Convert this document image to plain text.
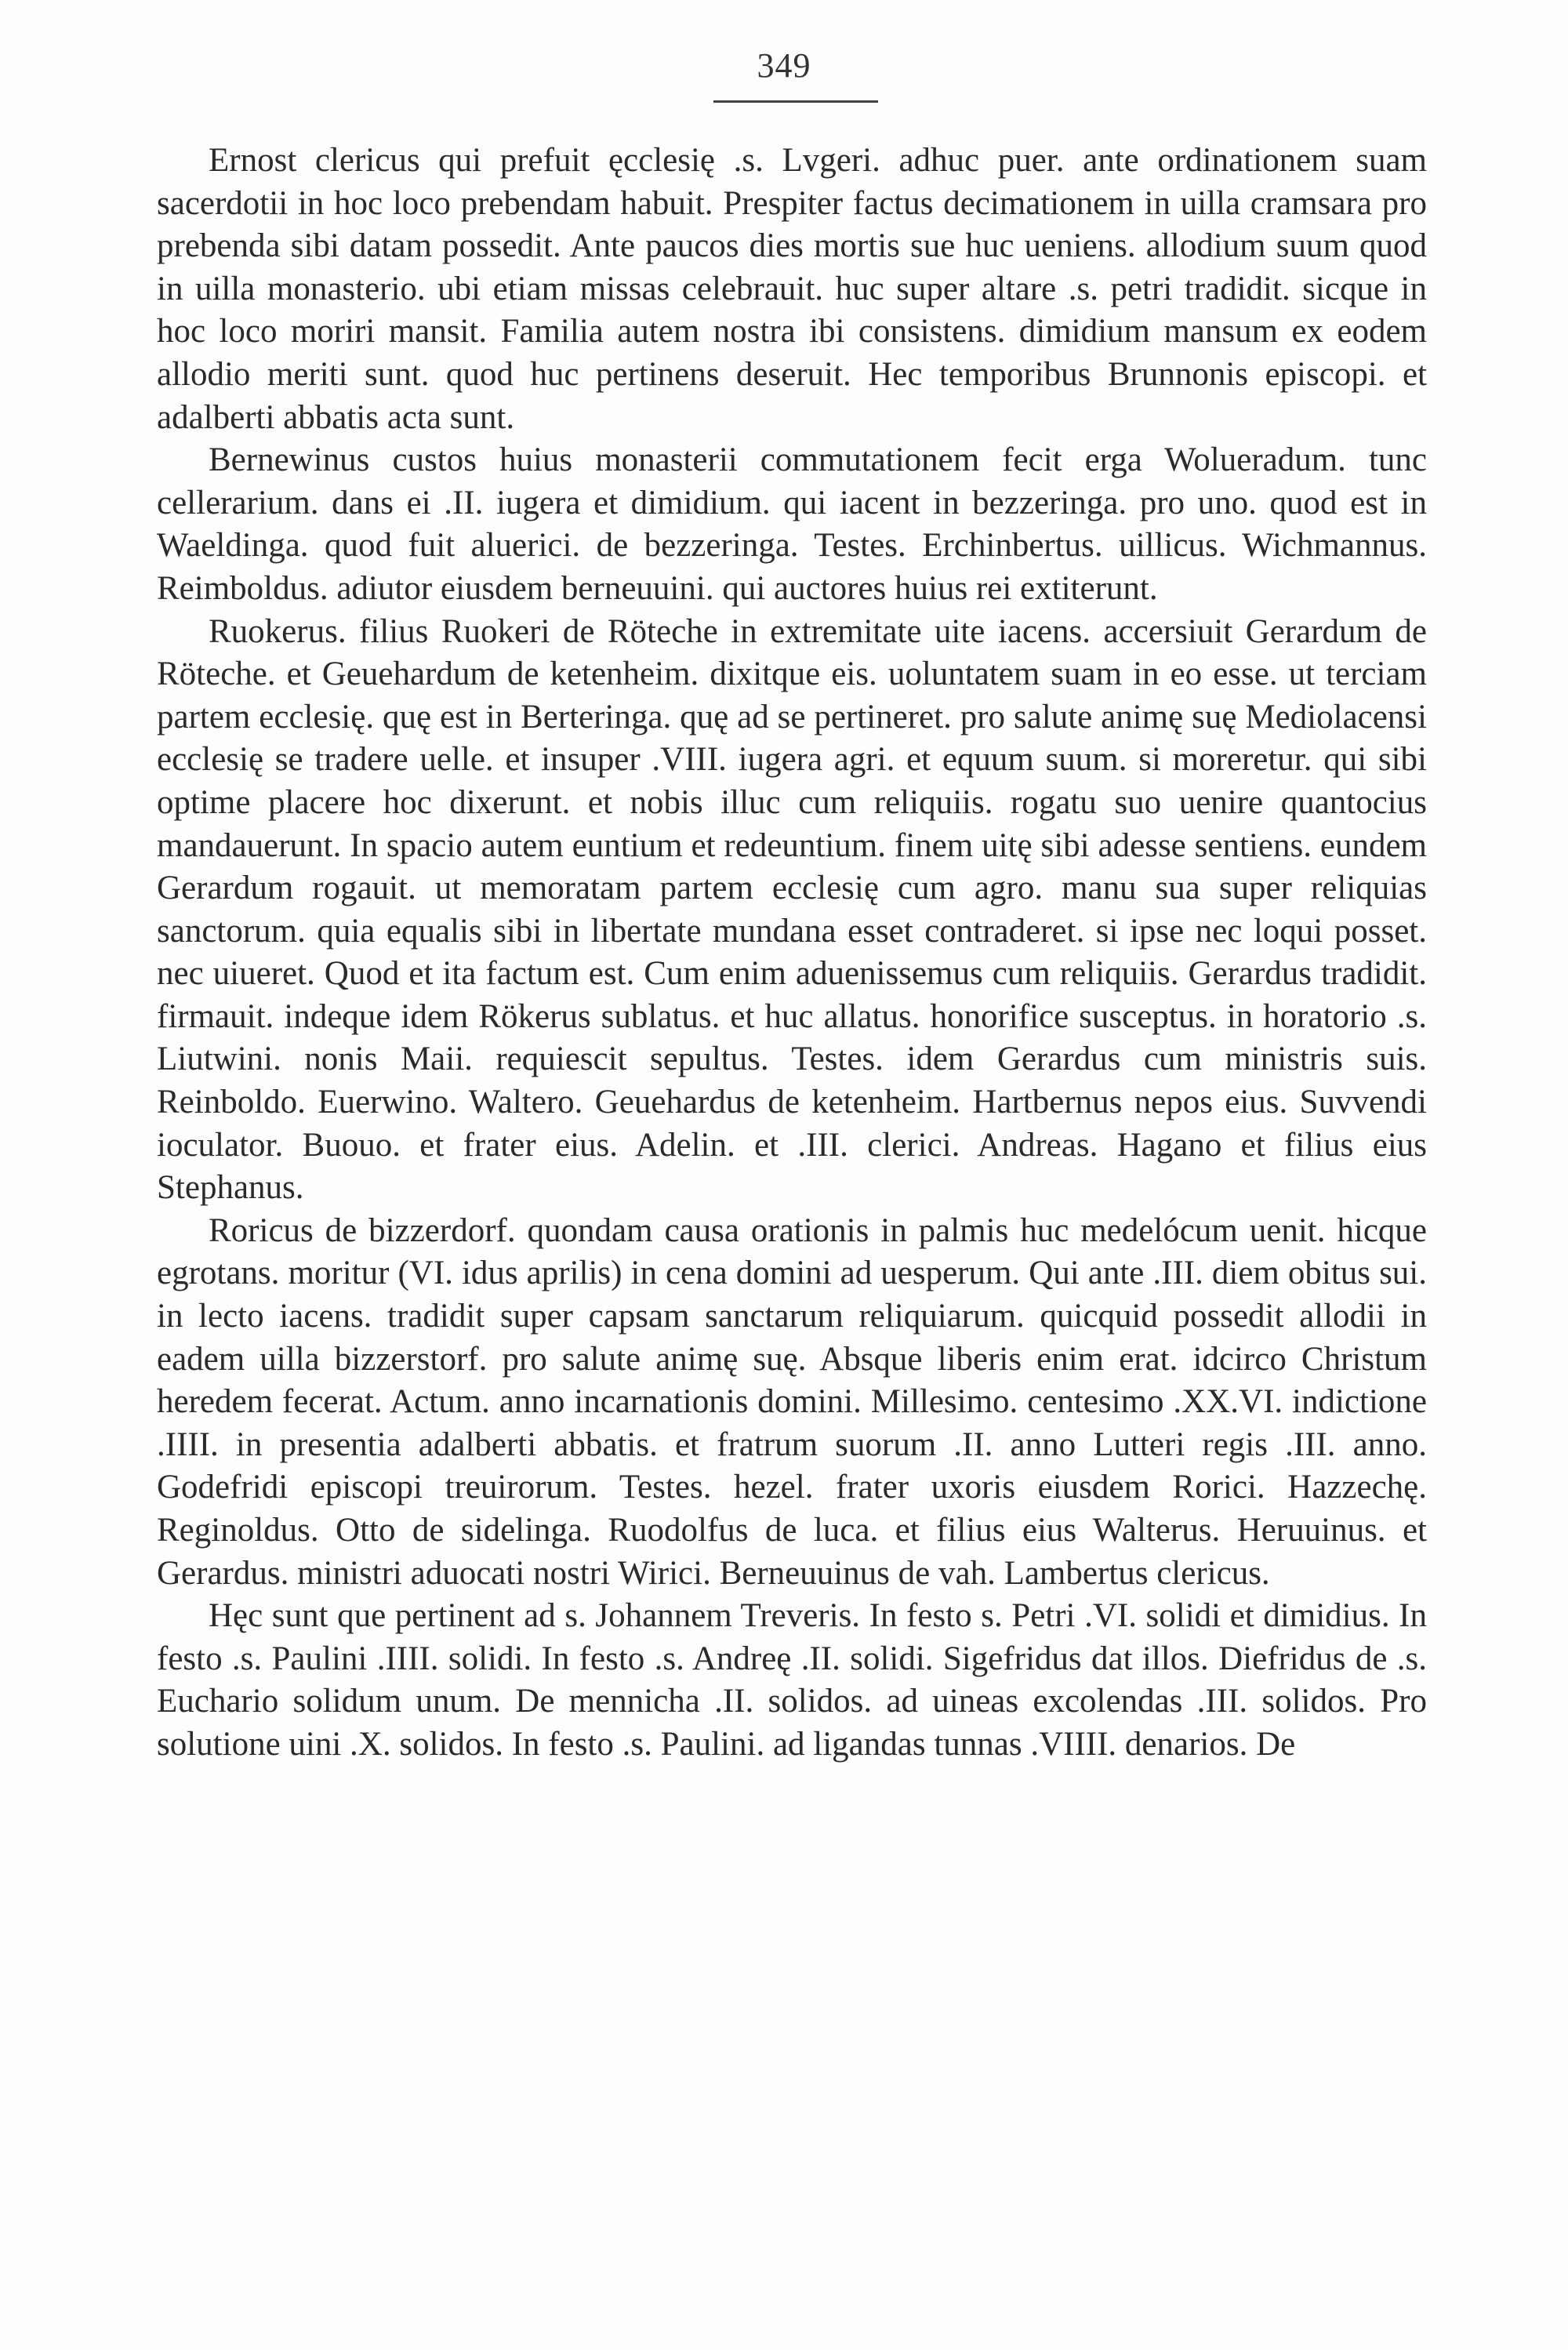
349

Ernost clericus qui prefuit ęcclesię .s. Lvgeri. adhuc puer. ante ordinationem suam sacerdotii in hoc loco prebendam habuit. Prespiter factus decimationem in uilla cramsara pro prebenda sibi datam possedit. Ante paucos dies mortis sue huc ueniens. allodium suum quod in uilla monasterio. ubi etiam missas celebrauit. huc super altare .s. petri tradidit. sicque in hoc loco moriri mansit. Familia autem nostra ibi consistens. dimidium mansum ex eodem allodio meriti sunt. quod huc pertinens deseruit. Hec temporibus Brunnonis episcopi. et adalberti abbatis acta sunt.

Bernewinus custos huius monasterii commutationem fecit erga Wolueradum. tunc cellerarium. dans ei .II. iugera et dimidium. qui iacent in bezzeringa. pro uno. quod est in Waeldinga. quod fuit aluerici. de bezzeringa. Testes. Erchinbertus. uillicus. Wichmannus. Reimboldus. adiutor eiusdem berneuuini. qui auctores huius rei extiterunt.

Ruokerus. filius Ruokeri de Röteche in extremitate uite iacens. accersiuit Gerardum de Röteche. et Geuehardum de ketenheim. dixitque eis. uoluntatem suam in eo esse. ut terciam partem ecclesię. quę est in Berteringa. quę ad se pertineret. pro salute animę suę Mediolacensi ecclesię se tradere uelle. et insuper .VIII. iugera agri. et equum suum. si moreretur. qui sibi optime placere hoc dixerunt. et nobis illuc cum reliquiis. rogatu suo uenire quantocius mandauerunt. In spacio autem euntium et redeuntium. finem uitę sibi adesse sentiens. eundem Gerardum rogauit. ut memoratam partem ecclesię cum agro. manu sua super reliquias sanctorum. quia equalis sibi in libertate mundana esset contraderet. si ipse nec loqui posset. nec uiueret. Quod et ita factum est. Cum enim aduenissemus cum reliquiis. Gerardus tradidit. firmauit. indeque idem Rökerus sublatus. et huc allatus. honorifice susceptus. in horatorio .s. Liutwini. nonis Maii. requiescit sepultus. Testes. idem Gerardus cum ministris suis. Reinboldo. Euerwino. Waltero. Geuehardus de ketenheim. Hartbernus nepos eius. Suvvendi ioculator. Buouo. et frater eius. Adelin. et .III. clerici. Andreas. Hagano et filius eius Stephanus.

Roricus de bizzerdorf. quondam causa orationis in palmis huc medelócum uenit. hicque egrotans. moritur (VI. idus aprilis) in cena domini ad uesperum. Qui ante .III. diem obitus sui. in lecto iacens. tradidit super capsam sanctarum reliquiarum. quicquid possedit allodii in eadem uilla bizzerstorf. pro salute animę suę. Absque liberis enim erat. idcirco Christum heredem fecerat. Actum. anno incarnationis domini. Millesimo. centesimo .XX.VI. indictione .IIII. in presentia adalberti abbatis. et fratrum suorum .II. anno Lutteri regis .III. anno. Godefridi episcopi treuirorum. Testes. hezel. frater uxoris eiusdem Rorici. Hazzechę. Reginoldus. Otto de sidelinga. Ruodolfus de luca. et filius eius Walterus. Heruuinus. et Gerardus. ministri aduocati nostri Wirici. Berneuuinus de vah. Lambertus clericus.

Hęc sunt que pertinent ad s. Johannem Treveris. In festo s. Petri .VI. solidi et dimidius. In festo .s. Paulini .IIII. solidi. In festo .s. Andreę .II. solidi. Sigefridus dat illos. Diefridus de .s. Euchario solidum unum. De mennicha .II. solidos. ad uineas excolendas .III. solidos. Pro solutione uini .X. solidos. In festo .s. Paulini. ad ligandas tunnas .VIIII. denarios. De
